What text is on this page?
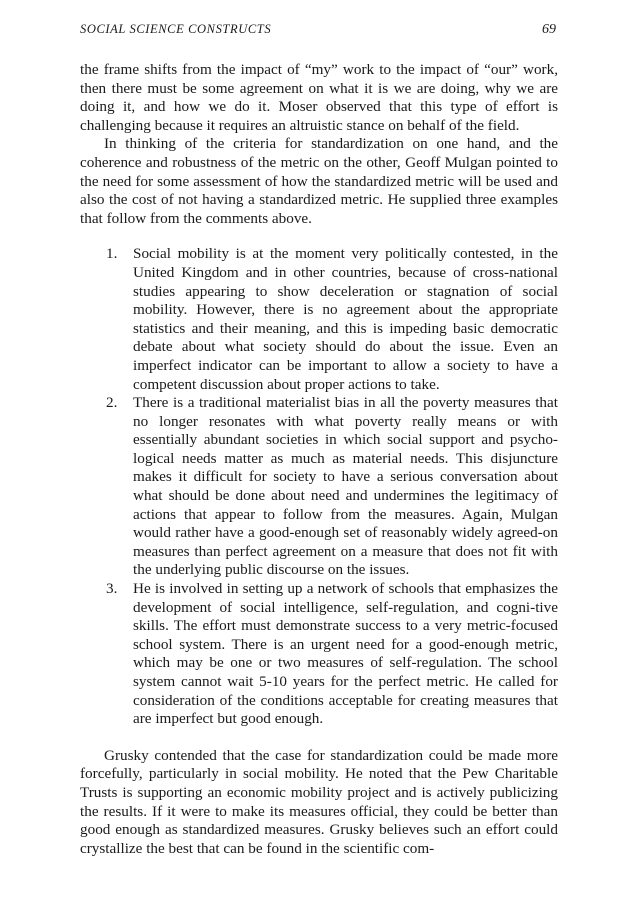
SOCIAL SCIENCE CONSTRUCTS	69

the frame shifts from the impact of “my” work to the impact of “our” work, then there must be some agreement on what it is we are doing, why we are doing it, and how we do it. Moser observed that this type of effort is challenging because it requires an altruistic stance on behalf of the field.

In thinking of the criteria for standardization on one hand, and the coherence and robustness of the metric on the other, Geoff Mulgan pointed to the need for some assessment of how the standardized metric will be used and also the cost of not having a standardized metric. He supplied three examples that follow from the comments above.

1. Social mobility is at the moment very politically contested, in the United Kingdom and in other countries, because of cross-national studies appearing to show deceleration or stagnation of social mobility. However, there is no agreement about the appropriate statistics and their meaning, and this is impeding basic democratic debate about what society should do about the issue. Even an imperfect indicator can be important to allow a society to have a competent discussion about proper actions to take.
2. There is a traditional materialist bias in all the poverty measures that no longer resonates with what poverty really means or with essentially abundant societies in which social support and psycho-logical needs matter as much as material needs. This disjuncture makes it difficult for society to have a serious conversation about what should be done about need and undermines the legitimacy of actions that appear to follow from the measures. Again, Mulgan would rather have a good-enough set of reasonably widely agreed-on measures than perfect agreement on a measure that does not fit with the underlying public discourse on the issues.
3. He is involved in setting up a network of schools that emphasizes the development of social intelligence, self-regulation, and cogni-tive skills. The effort must demonstrate success to a very metric-focused school system. There is an urgent need for a good-enough metric, which may be one or two measures of self-regulation. The school system cannot wait 5-10 years for the perfect metric. He called for consideration of the conditions acceptable for creating measures that are imperfect but good enough.

Grusky contended that the case for standardization could be made more forcefully, particularly in social mobility. He noted that the Pew Charitable Trusts is supporting an economic mobility project and is actively publicizing the results. If it were to make its measures official, they could be better than good enough as standardized measures. Grusky believes such an effort could crystallize the best that can be found in the scientific com-
